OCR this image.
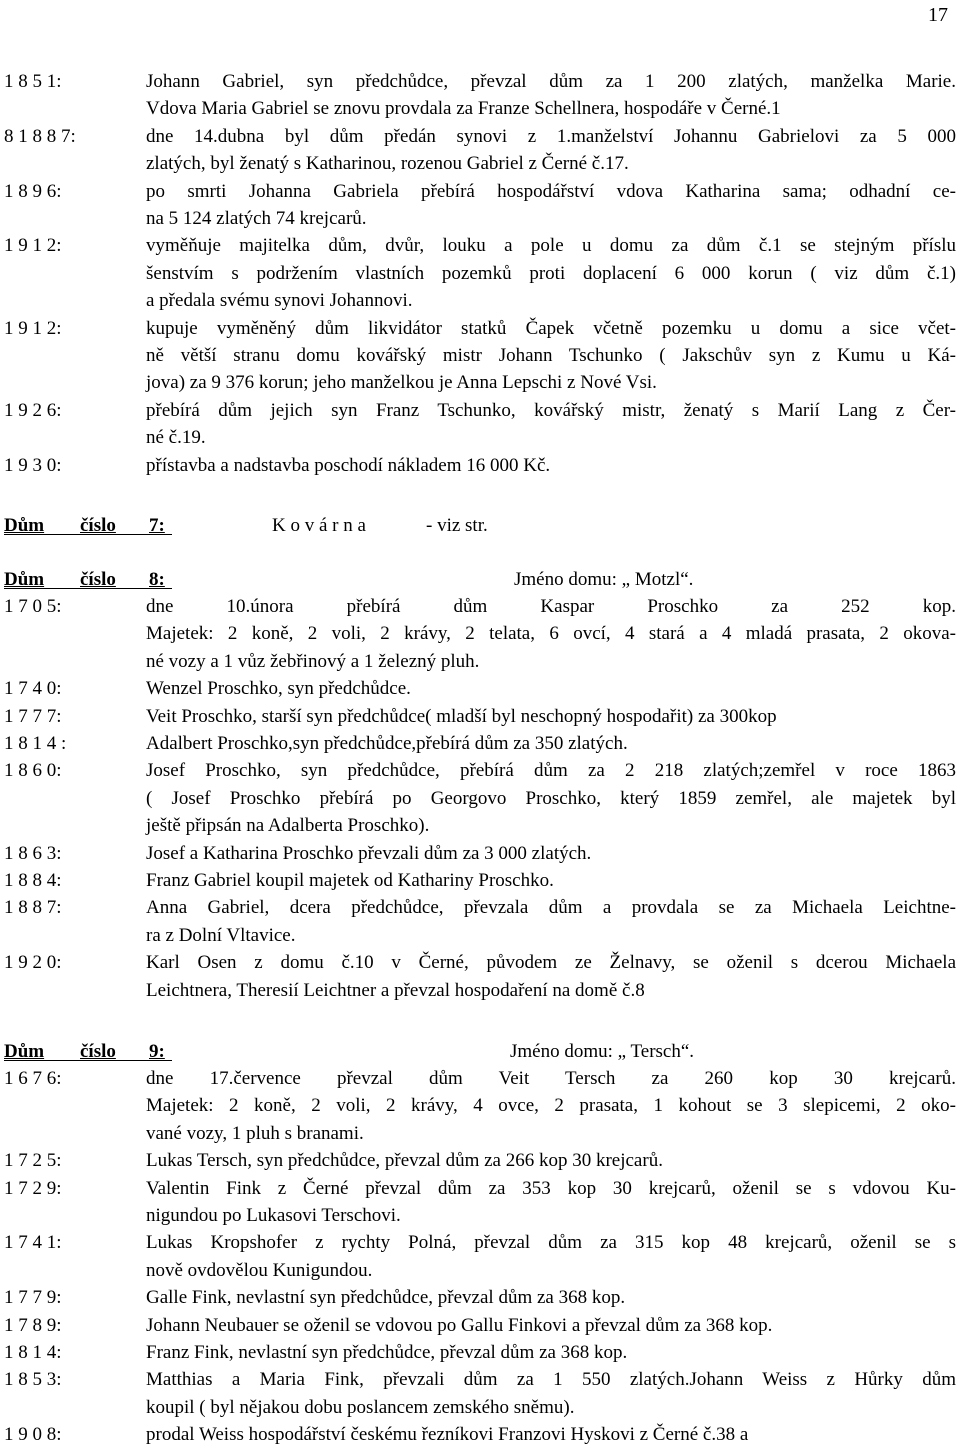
17
1 8 5 1:	Johann Gabriel, syn předchůdce, převzal dům za 1 200 zlatých, manželka Marie.
Vdova Maria Gabriel se znovu provdala za Franze Schellnera, hospodáře v Černé.1
8 1 8 8 7:	dne 14.dubna byl dům předán synovi z 1.manželství Johannu Gabrielovi za 5 000
zlatých, byl ženatý s Katharinou, rozenou Gabriel z Černé č.17.
1 8 9 6:	po smrti Johanna Gabriela přebírá hospodářství vdova Katharina sama; odhadní ce-
na 5 124 zlatých 74 krejcarů.
1 9 1 2:	vyměňuje majitelka dům, dvůr, louku a pole u domu za dům č.1 se stejným příslu
šenstvím s podržením vlastních pozemků proti doplacení 6 000 korun ( viz dům č.1)
a předala svému synovi Johannovi.
1 9 1 2:	kupuje vyměněný dům likvidátor statků Čapek včetně pozemku u domu a sice včet-
ně větší stranu domu kovářský mistr Johann Tschunko ( Jakschův syn z Kumu u Ká-
jova) za 9 376 korun; jeho manželkou je Anna Lepschi z Nové Vsi.
1 9 2 6:	přebírá dům jejich syn Franz Tschunko, kovářský mistr, ženatý s Marií Lang z Čer-
né č.19.
1 9 3 0:	přístavba a nadstavba poschodí nákladem 16 000 Kč.
Dům číslo 7:	K o v á r n a	- viz str.
Dům číslo 8:	Jméno domu: „ Motzl“.
1 7 0 5:	dne 10.února přebírá dům Kaspar Proschko za 252 kop.
Majetek: 2 koně, 2 voli, 2 krávy, 2 telata, 6 ovcí, 4 stará a 4 mladá prasata, 2 okova-
né vozy a 1 vůz žebřinový a 1 železný pluh.
1 7 4 0:	Wenzel Proschko, syn předchůdce.
1 7 7 7:	Veit Proschko, starší syn předchůdce( mladší byl neschopný hospodařit) za 300kop
1 8 1 4 :	Adalbert Proschko,syn předchůdce,přebírá dům za 350 zlatých.
1 8 6 0:	Josef Proschko, syn předchůdce, přebírá dům za 2 218 zlatých;zemřel v roce 1863
( Josef Proschko přebírá po Georgovo Proschko, který 1859 zemřel, ale majetek byl
ještě připsán na Adalberta Proschko).
1 8 6 3:	Josef a Katharina Proschko převzali dům za 3 000 zlatých.
1 8 8 4:	Franz Gabriel koupil majetek od Kathariny Proschko.
1 8 8 7:	Anna Gabriel, dcera předchůdce, převzala dům a provdala se za Michaela Leichtne-
ra z Dolní Vltavice.
1 9 2 0:	Karl Osen z domu č.10 v Černé, původem ze Želnavy, se oženil s dcerou Michaela
Leichtnera, Theresií Leichtner a převzal hospodaření na domě č.8
Dům číslo 9:	Jméno domu: „ Tersch“.
1 6 7 6:	dne 17.července převzal dům Veit Tersch za 260 kop 30 krejcarů.
Majetek: 2 koně, 2 voli, 2 krávy, 4 ovce, 2 prasata, 1 kohout se 3 slepicemi, 2 oko-
vané vozy, 1 pluh s branami.
1 7 2 5:	Lukas Tersch, syn předchůdce, převzal dům za 266 kop 30 krejcarů.
1 7 2 9:	Valentin Fink z Černé převzal dům za 353 kop 30 krejcarů, oženil se s vdovou Ku-
nigundou po Lukasovi Terschovi.
1 7 4 1:	Lukas Kropshofer z rychty Polná, převzal dům za 315 kop 48 krejcarů, oženil se s
nově ovdovělou Kunigundou.
1 7 7 9:	Galle Fink, nevlastní syn předchůdce, převzal dům za 368 kop.
1 7 8 9:	Johann Neubauer se oženil se vdovou po Gallu Finkovi a převzal dům za 368 kop.
1 8 1 4:	Franz Fink, nevlastní syn předchůdce, převzal dům za 368 kop.
1 8 5 3:	Matthias a Maria Fink, převzali dům za 1 550 zlatých.Johann Weiss z Hůrky dům
koupil ( byl nějakou dobu poslancem zemského sněmu).
1 9 0 8:	prodal Weiss hospodářství českému řezníkovi Franzovi Hyskovi z Černé č.38 a
